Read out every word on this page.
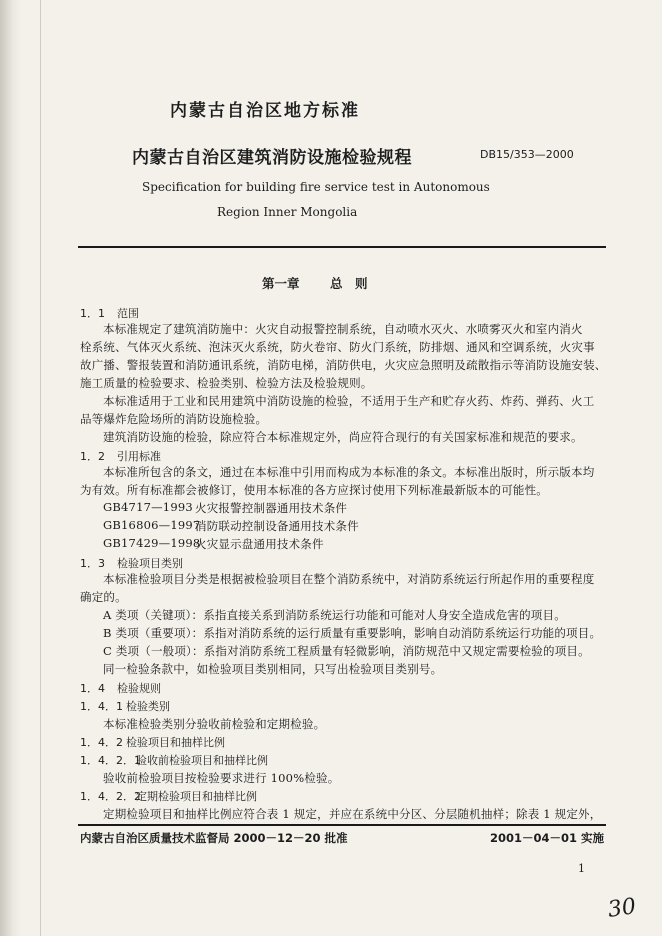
内蒙古自治区地方标准
内蒙古自治区建筑消防设施检验规程	DB15/353—2000
Specification for building fire service test in Autonomous
Region Inner Mongolia
第一章 总　则
1．1 范围
本标准规定了建筑消防施中：火灾自动报警控制系统，自动喷水灭火、水喷雾灭火和室内消火
栓系统、气体灭火系统、泡沫灭火系统，防火卷帘、防火门系统，防排烟、通风和空调系统，火灾事
故广播、警报装置和消防通讯系统，消防电梯，消防供电，火灾应急照明及疏散指示等消防设施安装、
施工质量的检验要求、检验类别、检验方法及检验规则。
本标准适用于工业和民用建筑中消防设施的检验，不适用于生产和贮存火药、炸药、弹药、火工
品等爆炸危险场所的消防设施检验。
建筑消防设施的检验，除应符合本标准规定外，尚应符合现行的有关国家标准和规范的要求。
1．2 引用标准
本标准所包含的条文，通过在本标准中引用而构成为本标准的条文。本标准出版时，所示版本均
为有效。所有标准都会被修订，使用本标准的各方应探讨使用下列标准最新版本的可能性。
GB4717—1993 火灾报警控制器通用技术条件
GB16806—1997
消防联动控制设备通用技术条件
GB17429—1998
火灾显示盘通用技术条件
1．3 检验项目类别
本标准检验项目分类是根据被检验项目在整个消防系统中，对消防系统运行所起作用的重要程度
确定的。
A 类项（关键项）：系指直接关系到消防系统运行功能和可能对人身安全造成危害的项目。
B 类项（重要项）：系指对消防系统的运行质量有重要影响，影响自动消防系统运行功能的项目。
C 类项（一般项）：系指对消防系统工程质量有轻微影响，消防规范中又规定需要检验的项目。
同一检验条款中，如检验项目类别相同，只写出检验项目类别号。
1．4 检验规则
1．4．1 检验类别
本标准检验类别分验收前检验和定期检验。
1．4．2 检验项目和抽样比例
1．4．2．1
验收前检验项目和抽样比例
验收前检验项目按检验要求进行 100%检验。
1．4．2．2
定期检验项目和抽样比例
定期检验项目和抽样比例应符合表 1 规定，并应在系统中分区、分层随机抽样；除表 1 规定外，
内蒙古自治区质量技术监督局 2000－12－20 批准	2001－04－01 实施
1
30
